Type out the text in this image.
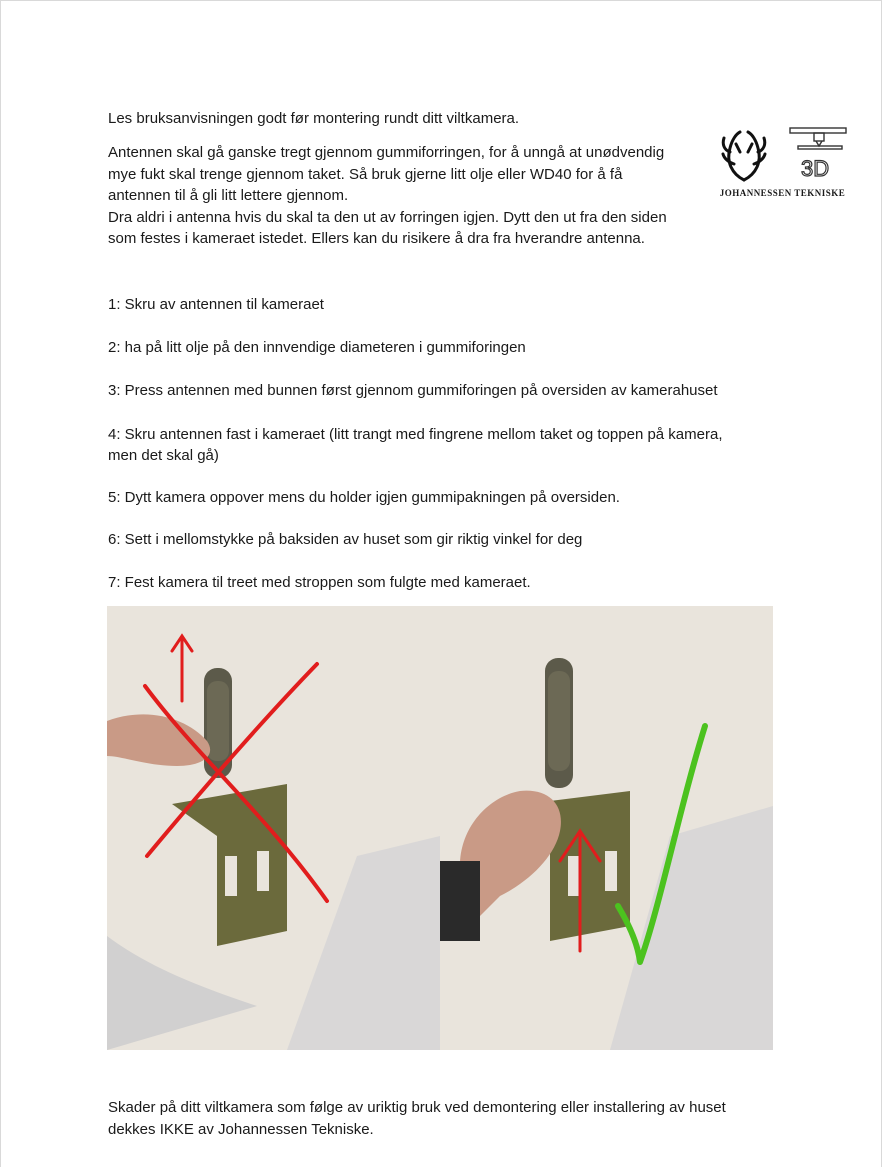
Les bruksanvisningen godt før montering rundt ditt viltkamera.
Antennen skal gå ganske tregt gjennom gummiforringen, for å unngå at unødvendig
mye fukt skal trenge gjennom taket. Så bruk gjerne litt olje eller WD40 for å få
antennen til å gli litt lettere gjennom.
Dra aldri i antenna hvis du skal ta den ut av forringen igjen. Dytt den ut fra den siden
som festes i kameraet istedet. Ellers kan du risikere å dra fra hverandre antenna.
3D
JOHANNESSEN TEKNISKE
1: Skru av antennen til kameraet
2: ha på litt olje på den innvendige diameteren i gummiforingen
3: Press antennen med bunnen først gjennom gummiforingen på oversiden av kamerahuset
4: Skru antennen fast i kameraet (litt trangt med fingrene mellom taket og toppen på kamera,
men det skal gå)
5: Dytt kamera oppover mens du holder igjen gummipakningen på oversiden.
6: Sett i mellomstykke på baksiden av huset som gir riktig vinkel for deg
7: Fest kamera til treet med stroppen som fulgte med kameraet.
Skader på ditt viltkamera som følge av uriktig bruk ved demontering eller installering av huset
dekkes IKKE av Johannessen Tekniske.
